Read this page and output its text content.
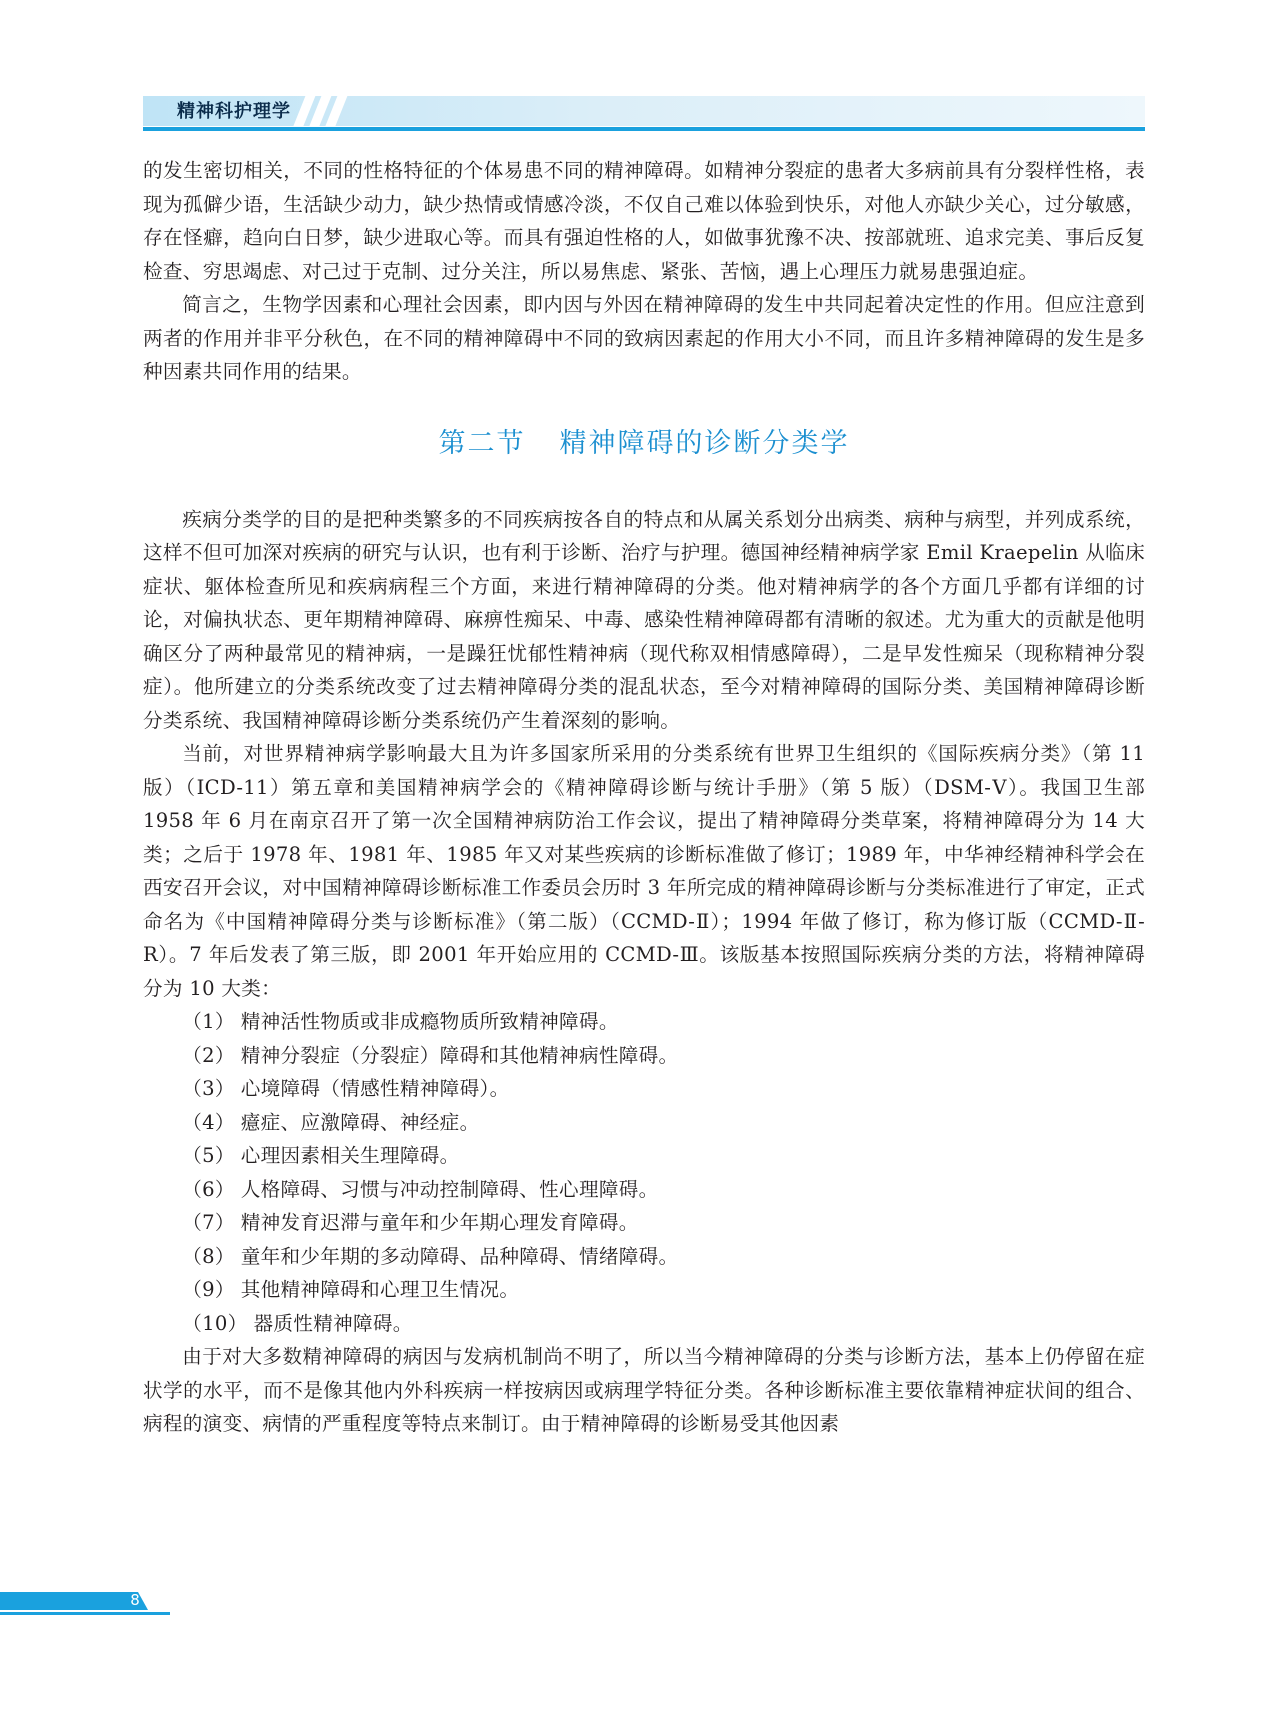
精神科护理学

的发生密切相关，不同的性格特征的个体易患不同的精神障碍。如精神分裂症的患者大多病前具有分裂样性格，表现为孤僻少语，生活缺少动力，缺少热情或情感冷淡，不仅自己难以体验到快乐，对他人亦缺少关心，过分敏感，存在怪癖，趋向白日梦，缺少进取心等。而具有强迫性格的人，如做事犹豫不决、按部就班、追求完美、事后反复检查、穷思竭虑、对己过于克制、过分关注，所以易焦虑、紧张、苦恼，遇上心理压力就易患强迫症。

简言之，生物学因素和心理社会因素，即内因与外因在精神障碍的发生中共同起着决定性的作用。但应注意到两者的作用并非平分秋色，在不同的精神障碍中不同的致病因素起的作用大小不同，而且许多精神障碍的发生是多种因素共同作用的结果。

第二节 精神障碍的诊断分类学

疾病分类学的目的是把种类繁多的不同疾病按各自的特点和从属关系划分出病类、病种与病型，并列成系统，这样不但可加深对疾病的研究与认识，也有利于诊断、治疗与护理。德国神经精神病学家 Emil Kraepelin 从临床症状、躯体检查所见和疾病病程三个方面，来进行精神障碍的分类。他对精神病学的各个方面几乎都有详细的讨论，对偏执状态、更年期精神障碍、麻痹性痴呆、中毒、感染性精神障碍都有清晰的叙述。尤为重大的贡献是他明确区分了两种最常见的精神病，一是躁狂忧郁性精神病（现代称双相情感障碍），二是早发性痴呆（现称精神分裂症）。他所建立的分类系统改变了过去精神障碍分类的混乱状态，至今对精神障碍的国际分类、美国精神障碍诊断分类系统、我国精神障碍诊断分类系统仍产生着深刻的影响。

当前，对世界精神病学影响最大且为许多国家所采用的分类系统有世界卫生组织的《国际疾病分类》（第 11 版）（ICD-11）第五章和美国精神病学会的《精神障碍诊断与统计手册》（第 5 版）（DSM-Ⅴ）。我国卫生部 1958 年 6 月在南京召开了第一次全国精神病防治工作会议，提出了精神障碍分类草案，将精神障碍分为 14 大类；之后于 1978 年、1981 年、1985 年又对某些疾病的诊断标准做了修订；1989 年，中华神经精神科学会在西安召开会议，对中国精神障碍诊断标准工作委员会历时 3 年所完成的精神障碍诊断与分类标准进行了审定，正式命名为《中国精神障碍分类与诊断标准》（第二版）（CCMD-Ⅱ）；1994 年做了修订，称为修订版（CCMD-Ⅱ-R）。7 年后发表了第三版，即 2001 年开始应用的 CCMD-Ⅲ。该版基本按照国际疾病分类的方法，将精神障碍分为 10 大类：

（1） 精神活性物质或非成瘾物质所致精神障碍。
（2） 精神分裂症（分裂症）障碍和其他精神病性障碍。
（3） 心境障碍（情感性精神障碍）。
（4） 癔症、应激障碍、神经症。
（5） 心理因素相关生理障碍。
（6） 人格障碍、习惯与冲动控制障碍、性心理障碍。
（7） 精神发育迟滞与童年和少年期心理发育障碍。
（8） 童年和少年期的多动障碍、品种障碍、情绪障碍。
（9） 其他精神障碍和心理卫生情况。
（10） 器质性精神障碍。

由于对大多数精神障碍的病因与发病机制尚不明了，所以当今精神障碍的分类与诊断方法，基本上仍停留在症状学的水平，而不是像其他内外科疾病一样按病因或病理学特征分类。各种诊断标准主要依靠精神症状间的组合、病程的演变、病情的严重程度等特点来制订。由于精神障碍的诊断易受其他因素

8
